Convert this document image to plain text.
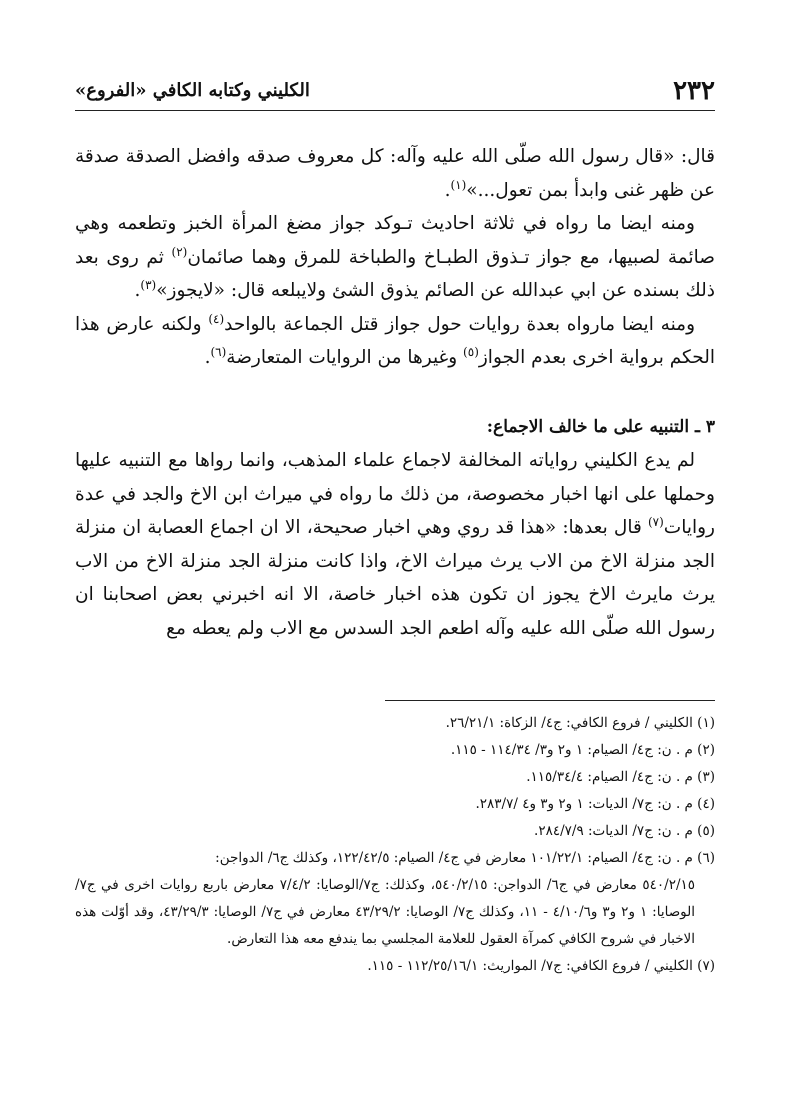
٢٣٢
الكليني وكتابه الكافي «الفروع»

قال: «قال رسول الله صلّى الله عليه وآله: كل معروف صدقه وافضل الصدقة صدقة عن ظهر غنى وابدأ بمن تعول...»$^{(١)}$.

ومنه ايضا ما رواه في ثلاثة احاديث تـوكد جواز مضغ المرأة الخبز وتطعمه وهي صائمة لصبيها، مع جواز تـذوق الطبـاخ والطباخة للمرق وهما صائمان$^{(٢)}$ ثم روى بعد ذلك بسنده عن ابي عبدالله عن الصائم يذوق الشئ ولايبلعه قال: «لايجوز»$^{(٣)}$.

ومنه ايضا مارواه بعدة روايات حول جواز قتل الجماعة بالواحد$^{(٤)}$ ولكنه عارض هذا الحكم برواية اخرى بعدم الجواز$^{(٥)}$ وغيرها من الروايات المتعارضة$^{(٦)}$.

٣ ـ التنبيه على ما خالف الاجماع:

لم يدع الكليني رواياته المخالفة لاجماع علماء المذهب، وانما رواها مع التنبيه عليها وحملها على انها اخبار مخصوصة، من ذلك ما رواه في ميراث ابن الاخ والجد في عدة روايات$^{(٧)}$ قال بعدها: «هذا قد روي وهي اخبار صحيحة، الا ان اجماع العصابة ان منزلة الجد منزلة الاخ من الاب يرث ميراث الاخ، واذا كانت منزلة الجد منزلة الاخ من الاب يرث مايرث الاخ يجوز ان تكون هذه اخبار خاصة، الا انه اخبرني بعض اصحابنا ان رسول الله صلّى الله عليه وآله اطعم الجد السدس مع الاب ولم يعطه مع

(١) الكليني / فروع الكافي: ج٤/ الزكاة: ٢٦/٢١/١.

(٢) م . ن: ج٤/ الصيام: ١ و٢ و٣/ ١١٤/٣٤ - ١١٥.

(٣) م . ن: ج٤/ الصيام: ١١٥/٣٤/٤.

(٤) م . ن: ج٧/ الديات: ١ و٢ و٣ و٤ /٢٨٣/٧.

(٥) م . ن: ج٧/ الديات: ٢٨٤/٧/٩.

(٦) م . ن: ج٤/ الصيام: ١٠١/٢٢/١ معارض في ج٤/ الصيام: ١٢٢/٤٢/٥، وكذلك ج٦/ الدواجن:

٥٤٠/٢/١٥ معارض في ج٦/ الدواجن: ٥٤٠/٢/١٥، وكذلك: ج٧/الوصايا: ٧/٤/٢ معارض باربع روايات اخرى في ج٧/ الوصايا: ١ و٢ و٣ و٤/١٠/٦ - ١١، وكذلك ج٧/ الوصايا: ٤٣/٢٩/٢ معارض في ج٧/ الوصايا: ٤٣/٢٩/٣، وقد أوّلت هذه الاخبار في شروح الكافي كمرآة العقول للعلامة المجلسي بما يندفع معه هذا التعارض.

(٧) الكليني / فروع الكافي: ج٧/ المواريث: ١١٢/٢٥/١٦/١ - ١١٥.
